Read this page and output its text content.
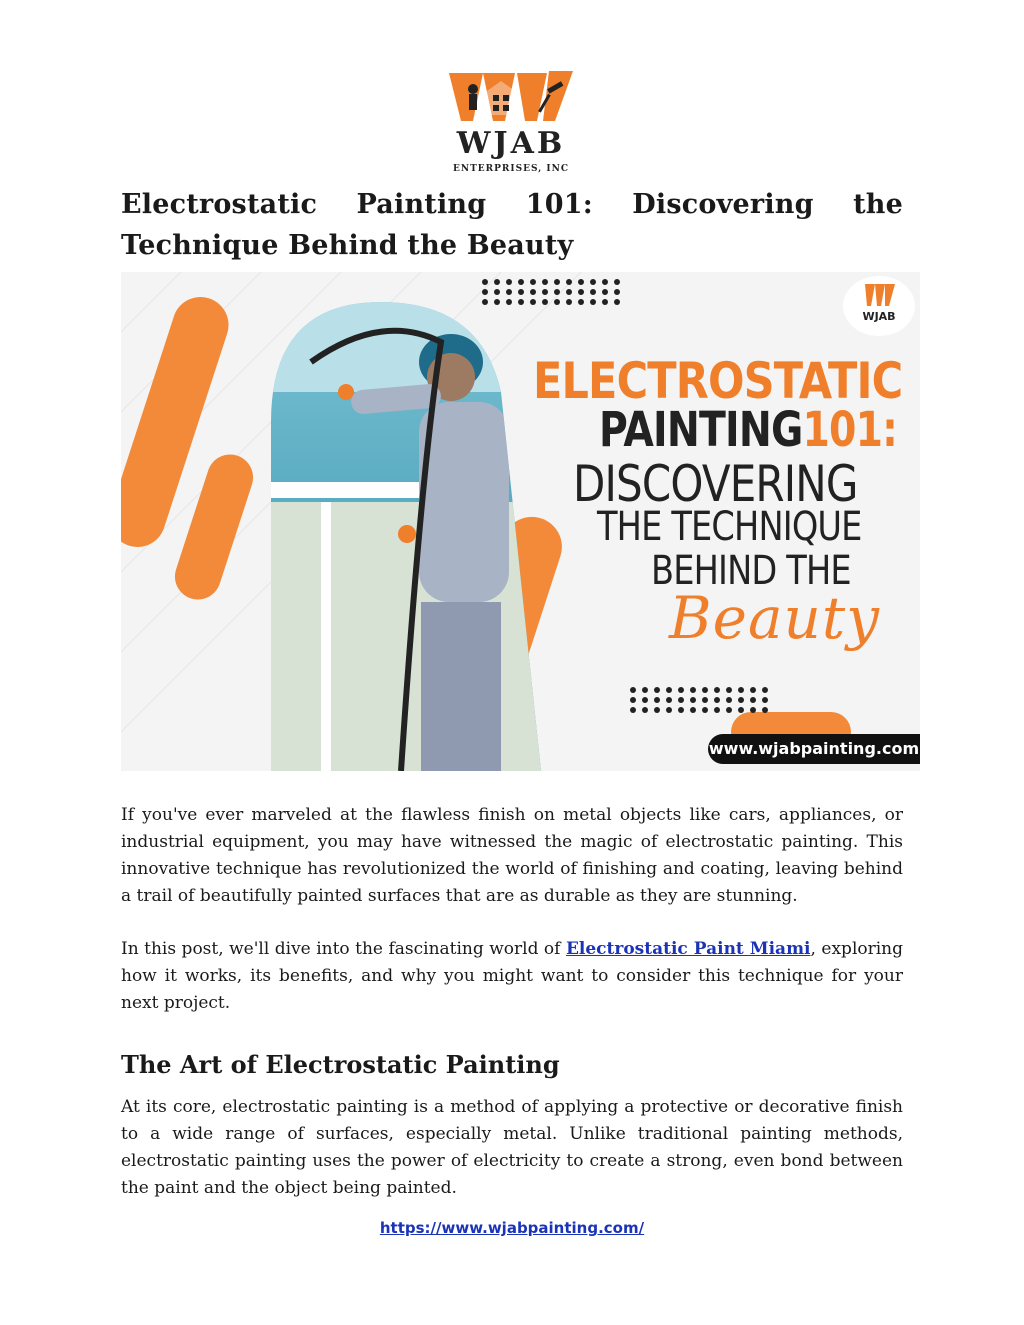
WJAB
ENTERPRISES, INC
Electrostatic Painting 101: Discovering the Technique Behind the Beauty
WJAB
ELECTROSTATIC
PAINTING101:
DISCOVERING
THE TECHNIQUE
BEHIND THE
Beauty
www.wjabpainting.com

If you've ever marveled at the flawless finish on metal objects like cars, appliances, or industrial equipment, you may have witnessed the magic of electrostatic painting. This innovative technique has revolutionized the world of finishing and coating, leaving behind a trail of beautifully painted surfaces that are as durable as they are stunning.

In this post, we'll dive into the fascinating world of Electrostatic Paint Miami, exploring how it works, its benefits, and why you might want to consider this technique for your next project.

The Art of Electrostatic Painting

At its core, electrostatic painting is a method of applying a protective or decorative finish to a wide range of surfaces, especially metal. Unlike traditional painting methods, electrostatic painting uses the power of electricity to create a strong, even bond between the paint and the object being painted.

https://www.wjabpainting.com/
